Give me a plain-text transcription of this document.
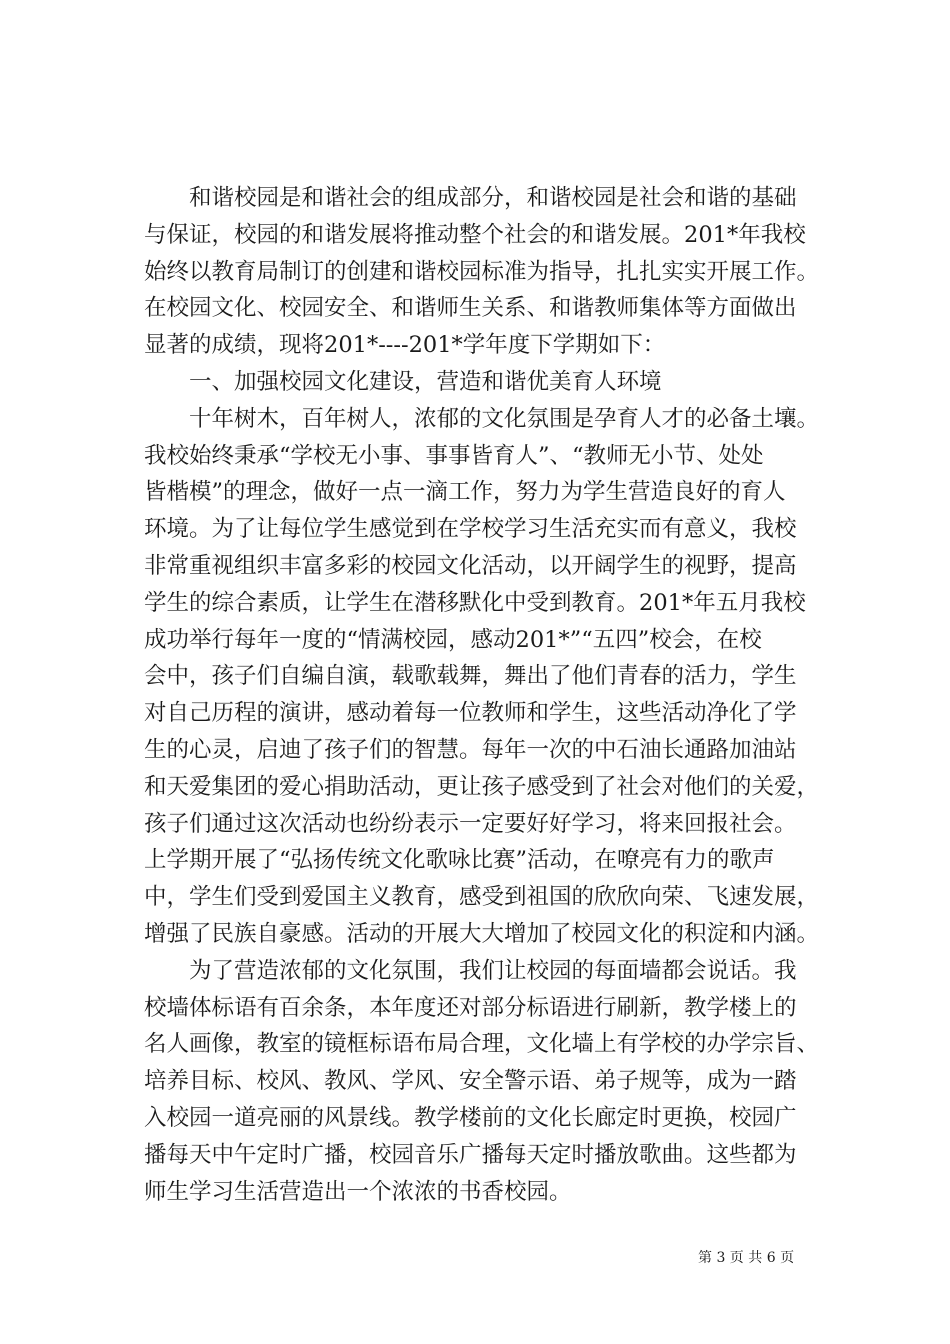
和谐校园是和谐社会的组成部分，和谐校园是社会和谐的基础
与保证，校园的和谐发展将推动整个社会的和谐发展。201*年我校
始终以教育局制订的创建和谐校园标准为指导，扎扎实实开展工作。
在校园文化、校园安全、和谐师生关系、和谐教师集体等方面做出
显著的成绩，现将201*----201*学年度下学期如下：
一、加强校园文化建设，营造和谐优美育人环境
十年树木，百年树人，浓郁的文化氛围是孕育人才的必备土壤。
我校始终秉承“学校无小事、事事皆育人”、“教师无小节、处处
皆楷模”的理念，做好一点一滴工作，努力为学生营造良好的育人
环境。为了让每位学生感觉到在学校学习生活充实而有意义，我校
非常重视组织丰富多彩的校园文化活动，以开阔学生的视野，提高
学生的综合素质，让学生在潜移默化中受到教育。201*年五月我校
成功举行每年一度的“情满校园，感动201*”“五四”校会，在校
会中，孩子们自编自演，载歌载舞，舞出了他们青春的活力，学生
对自己历程的演讲，感动着每一位教师和学生，这些活动净化了学
生的心灵，启迪了孩子们的智慧。每年一次的中石油长通路加油站
和天爱集团的爱心捐助活动，更让孩子感受到了社会对他们的关爱，
孩子们通过这次活动也纷纷表示一定要好好学习，将来回报社会。
上学期开展了“弘扬传统文化歌咏比赛”活动，在嘹亮有力的歌声
中，学生们受到爱国主义教育，感受到祖国的欣欣向荣、飞速发展，
增强了民族自豪感。活动的开展大大增加了校园文化的积淀和内涵。
为了营造浓郁的文化氛围，我们让校园的每面墙都会说话。我
校墙体标语有百余条，本年度还对部分标语进行刷新，教学楼上的
名人画像，教室的镜框标语布局合理，文化墙上有学校的办学宗旨、
培养目标、校风、教风、学风、安全警示语、弟子规等，成为一踏
入校园一道亮丽的风景线。教学楼前的文化长廊定时更换，校园广
播每天中午定时广播，校园音乐广播每天定时播放歌曲。这些都为
师生学习生活营造出一个浓浓的书香校园。
第 3 页 共 6 页
